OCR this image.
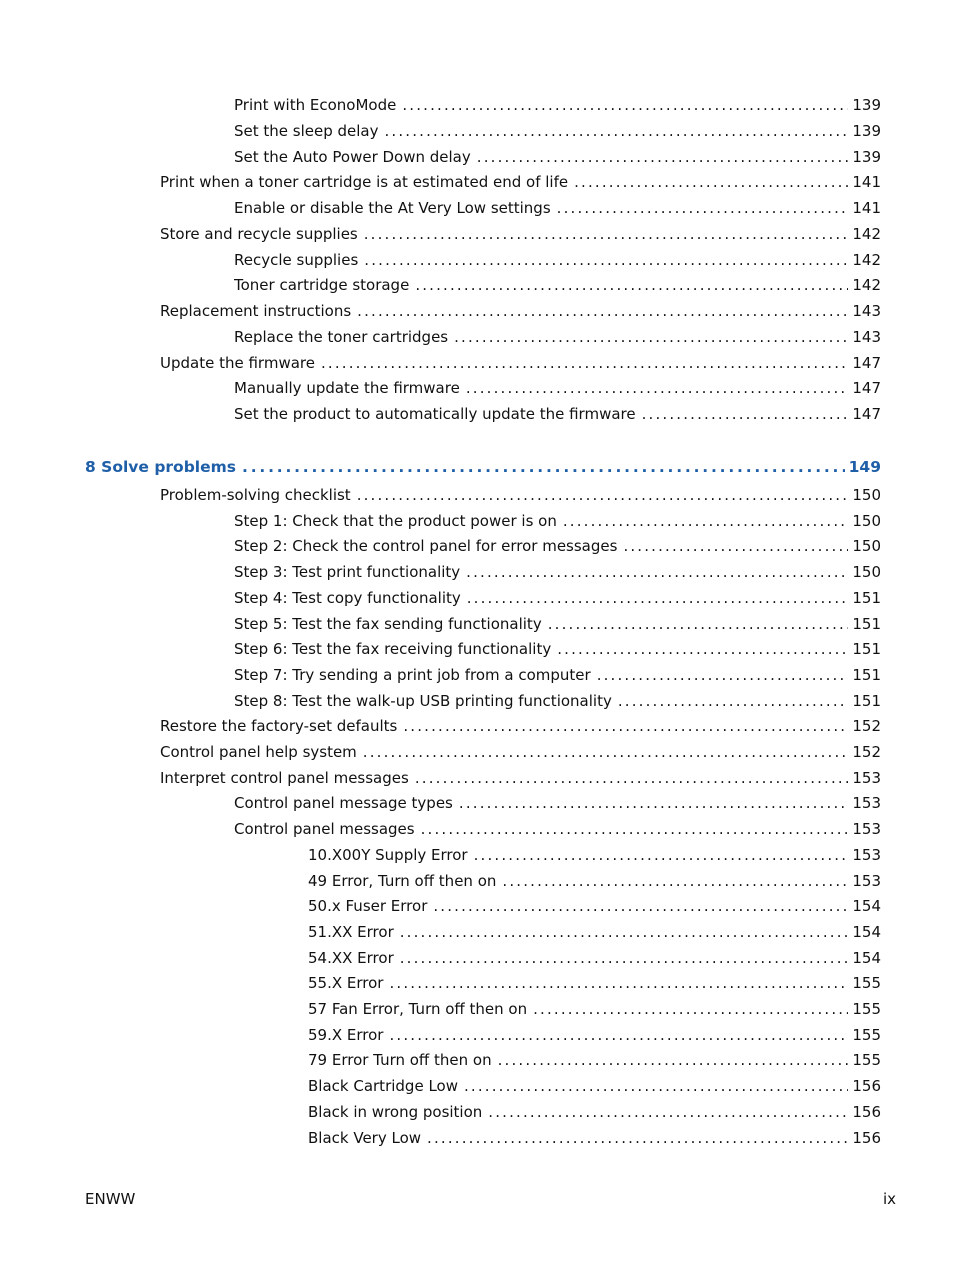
Print with EconoMode . . .	139
Set the sleep delay . . .	139
Set the Auto Power Down delay . . .	139
Print when a toner cartridge is at estimated end of life . . .	141
Enable or disable the At Very Low settings . . .	141
Store and recycle supplies . . .	142
Recycle supplies . . .	142
Toner cartridge storage . . .	142
Replacement instructions . . .	143
Replace the toner cartridges . . .	143
Update the firmware . . .	147
Manually update the firmware . . .	147
Set the product to automatically update the firmware . . .	147
8 Solve problems . . .	149
Problem-solving checklist . . .	150
Step 1: Check that the product power is on . . .	150
Step 2: Check the control panel for error messages . . .	150
Step 3: Test print functionality . . .	150
Step 4: Test copy functionality . . .	151
Step 5: Test the fax sending functionality . . .	151
Step 6: Test the fax receiving functionality . . .	151
Step 7: Try sending a print job from a computer . . .	151
Step 8: Test the walk-up USB printing functionality . . .	151
Restore the factory-set defaults . . .	152
Control panel help system . . .	152
Interpret control panel messages . . .	153
Control panel message types . . .	153
Control panel messages . . .	153
10.X00Y Supply Error . . .	153
49 Error, Turn off then on . . .	153
50.x Fuser Error . . .	154
51.XX Error . . .	154
54.XX Error . . .	154
55.X Error . . .	155
57 Fan Error, Turn off then on . . .	155
59.X Error . . .	155
79 Error Turn off then on . . .	155
Black Cartridge Low . . .	156
Black in wrong position . . .	156
Black Very Low . . .	156
ENWW	ix
